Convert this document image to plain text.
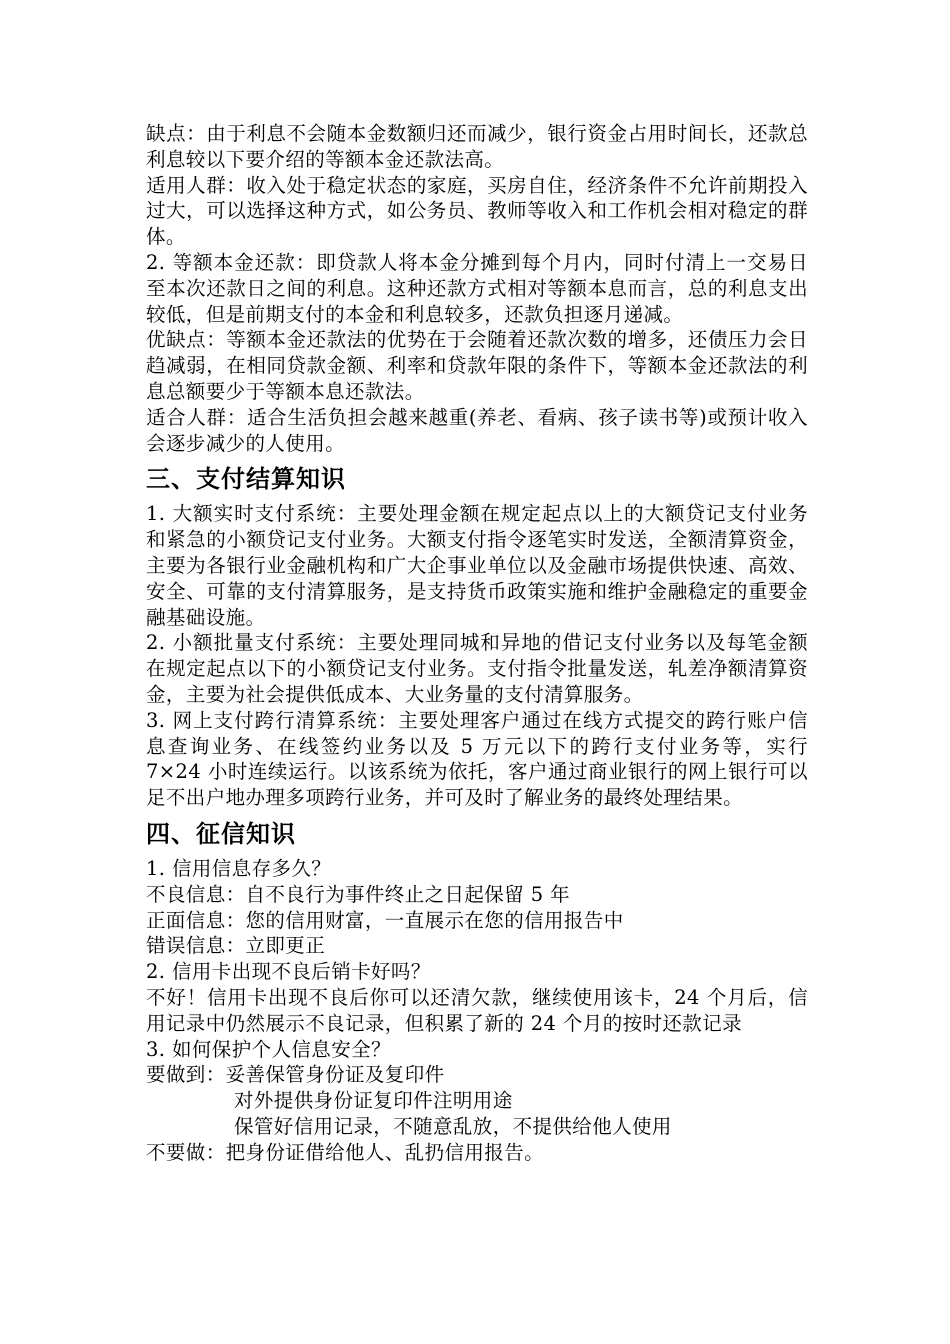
缺点：由于利息不会随本金数额归还而减少，银行资金占用时间长，还款总利息较以下要介绍的等额本金还款法高。

适用人群：收入处于稳定状态的家庭，买房自住，经济条件不允许前期投入过大，可以选择这种方式，如公务员、教师等收入和工作机会相对稳定的群体。

2. 等额本金还款：即贷款人将本金分摊到每个月内，同时付清上一交易日至本次还款日之间的利息。这种还款方式相对等额本息而言，总的利息支出较低，但是前期支付的本金和利息较多，还款负担逐月递减。

优缺点：等额本金还款法的优势在于会随着还款次数的增多，还债压力会日趋减弱，在相同贷款金额、利率和贷款年限的条件下，等额本金还款法的利息总额要少于等额本息还款法。

适合人群：适合生活负担会越来越重(养老、看病、孩子读书等)或预计收入会逐步减少的人使用。

三、支付结算知识

1. 大额实时支付系统：主要处理金额在规定起点以上的大额贷记支付业务和紧急的小额贷记支付业务。大额支付指令逐笔实时发送，全额清算资金，主要为各银行业金融机构和广大企事业单位以及金融市场提供快速、高效、安全、可靠的支付清算服务，是支持货币政策实施和维护金融稳定的重要金融基础设施。

2. 小额批量支付系统：主要处理同城和异地的借记支付业务以及每笔金额在规定起点以下的小额贷记支付业务。支付指令批量发送，轧差净额清算资金，主要为社会提供低成本、大业务量的支付清算服务。

3. 网上支付跨行清算系统：主要处理客户通过在线方式提交的跨行账户信息查询业务、在线签约业务以及 5 万元以下的跨行支付业务等，实行 7×24 小时连续运行。以该系统为依托，客户通过商业银行的网上银行可以足不出户地办理多项跨行业务，并可及时了解业务的最终处理结果。

四、征信知识

1. 信用信息存多久？

不良信息：自不良行为事件终止之日起保留 5 年

正面信息：您的信用财富，一直展示在您的信用报告中

错误信息：立即更正

2. 信用卡出现不良后销卡好吗？

不好！信用卡出现不良后你可以还清欠款，继续使用该卡，24 个月后，信用记录中仍然展示不良记录，但积累了新的 24 个月的按时还款记录

3. 如何保护个人信息安全？

要做到：妥善保管身份证及复印件

对外提供身份证复印件注明用途

保管好信用记录，不随意乱放，不提供给他人使用

不要做：把身份证借给他人、乱扔信用报告。
